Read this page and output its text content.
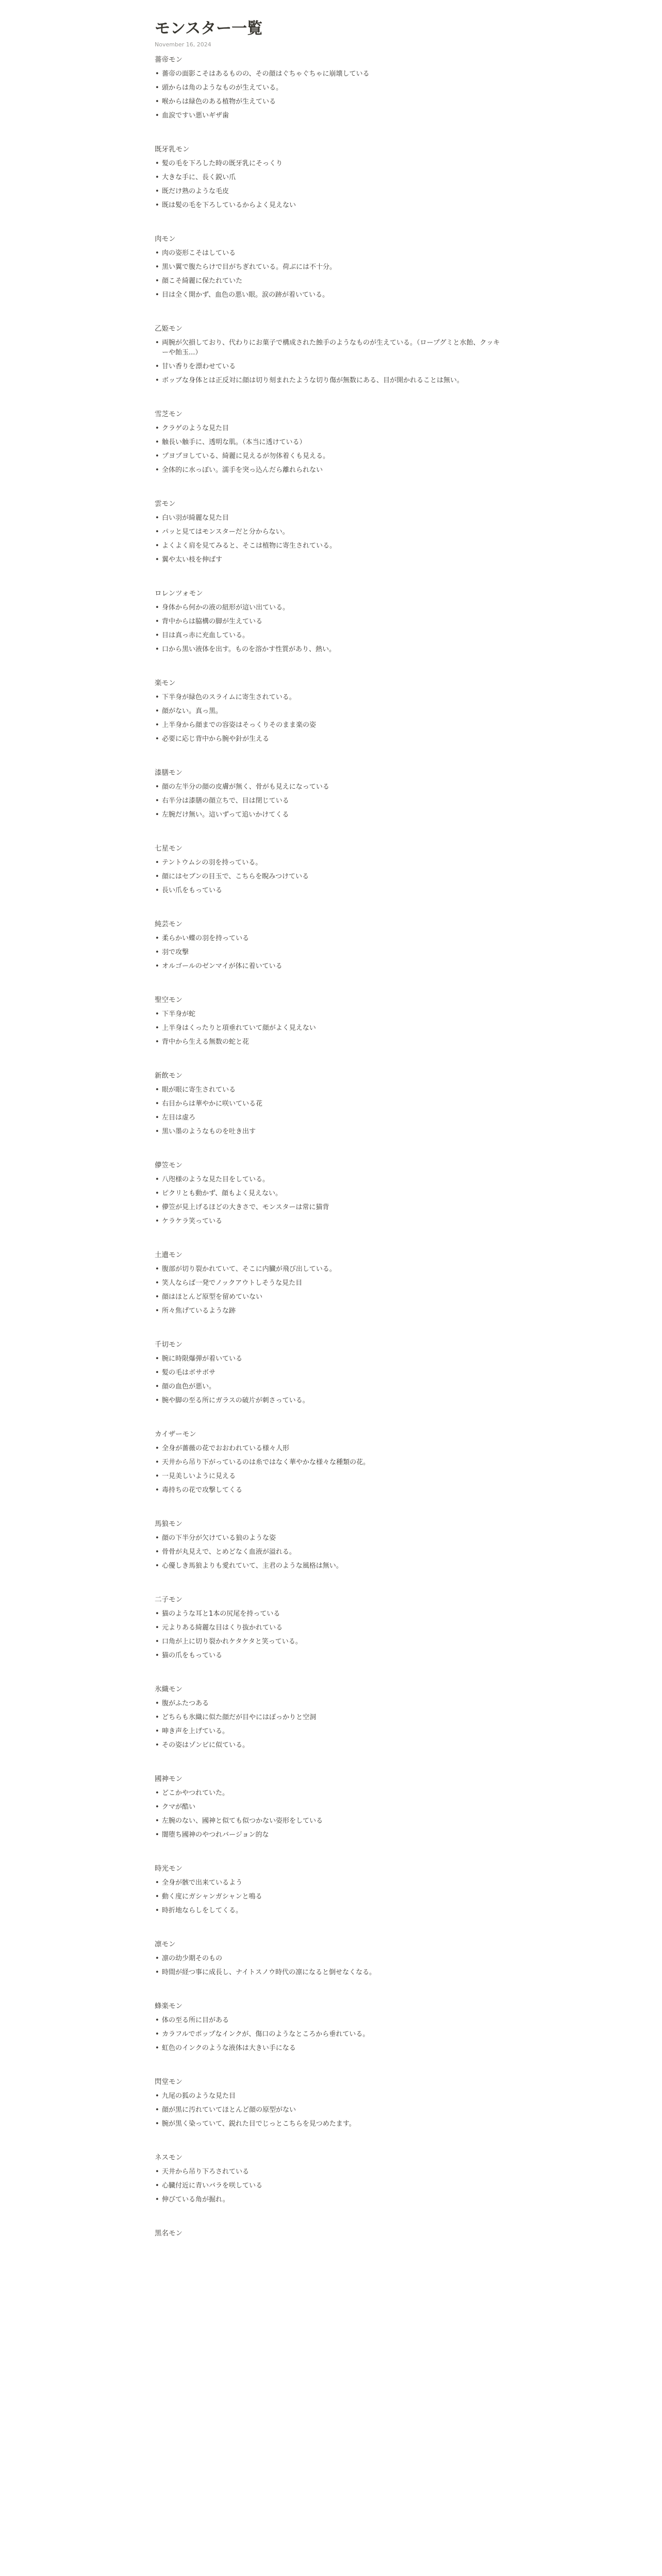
モンスター一覧
November 16, 2024
薔帝モン
• 薔帝の面影こそはあるものの、その顔はぐちゃぐちゃに崩壊している
• 頭からは角のようなものが生えている。
• 喉からは緑色のある植物が生えている
• 血涙ですい悪いギザ歯
既牙乳モン
• 髪の毛を下ろした時の既牙乳にそっくり
• 大きな手に、長く鋭い爪
• 既だけ熟のような毛皮
• 既は髪の毛を下ろしているからよく見えない
肉モン
• 肉の姿形こそはしている
• 黒い翼で腹たらけで目がちぎれている。荷ぶには不十分。
• 顔こそ綺麗に保たれていた
• 目は全く開かず、血色の悪い眼。涙の跡が着いている。
乙姫モン
• 両腕が欠損しており、代わりにお菓子で構成された蝕手のようなものが生えている。（ロープグミと水飴、クッキーや飴玉...）
• 甘い香りを漂わせている
• ボッブな身体とは正反対に顔は切り刻まれたような切り傷が無数にある、目が開かれることは無い。
雪芝モン
• クラゲのような見た目
• 触長い触手に、透明な肌。（本当に透けている）
• プヨプヨしている、綺麗に見えるが勿体着くも見える。
• 全体的に水っぽい。濡手を突っ込んだら離れられない
雲モン
• 白い羽が綺麗な見た目
• パッと見てはモンスターだと分からない。
• よくよく肩を見てみると、そこは植物に寄生されている。
• 翼や太い枝を伸ばす
ロレンツォモン
• 身体から何かの液の紐形が這い出ている。
• 背中からは脇構の脚が生えている
• 目は真っ赤に充血している。
• 口から黒い液体を出す。ものを溶かす性質があり、熱い。
楽モン
• 下半身が緑色のスライムに寄生されている。
• 顔がない。真っ黒。
• 上半身から顔までの容姿はそっくりそのまま楽の姿
• 必要に応じ背中から腕や針が生える
漆膳モン
• 顔の左半分の顔の皮膚が無く、骨がも見えになっている
• 右半分は漆膳の顔立ちで、目は閉じている
• 左腕だけ無い。這いずって追いかけてくる
七星モン
• テントウムシの羽を持っている。
• 顔にはセブンの目玉で、こちらを睨みつけている
• 長い爪をもっている
純芸モン
• 柔らかい蝶の羽を持っている
• 羽で攻撃
• オルゴールのゼンマイが体に着いている
聖空モン
• 下半身が蛇
• 上半身はくったりと項垂れていて顔がよく見えない
• 背中から生える無数の蛇と花
新飲モン
• 眼が眼に寄生されている
• 右目からは華やかに咲いている花
• 左目は虚ろ
• 黒い墨のようなものを吐き出す
儚笠モン
• 八咫様のような見た目をしている。
• ピクリとも動かず、顔もよく見えない。
• 儚笠が見上げるほどの大きさで、モンスターは常に猫背
• ケラケラ笑っている
土遺モン
• 腹部が切り裂かれていて、そこに内臓が飛び出している。
• 笑人ならば一発でノックアウトしそうな見た目
• 顔はほとんど原型を留めていない
• 所々焦げているような跡
千切モン
• 腕に時限爆弾が着いている
• 髪の毛はボサボサ
• 顔の血色が悪い。
• 腕や脚の至る所にガラスの破片が刺さっている。
カイザーモン
• 全身が薔薇の花でおおわれている様々人形
• 天井から吊り下がっているのは糸ではなく華やかな様々な種類の花。
• 一見美しいように見える
• 毒持ちの花で攻撃してくる
馬狼モン
• 顔の下半分が欠けている狼のような姿
• 骨骨が丸見えで、とめどなく血液が溢れる。
• 心優しき馬狼よりも愛れていて、主君のような風格は無い。
二子モン
• 猫のような耳と1本の尻尾を持っている
• 元よりある綺麗な目はくり抜かれている
• 口角が上に切り裂かれケタケタと笑っている。
• 猫の爪をもっている
氷織モン
• 腹がふたつある
• どちらも氷織に似た顔だが目やにはぽっかりと空洞
• 呻き声を上げている。
• その姿はゾンビに似ている。
國神モン
• どこかやつれていた。
• クマが酷い
• 左腕のない、國神と似ても似つかない姿形をしている
• 闇堕ち國神のやつれバージョン的な
時光モン
• 全身が骸で出来ているよう
• 動く度にガシャンガシャンと鳴る
• 時折地ならしをしてくる。
凛モン
• 凛の幼少期そのもの
• 時間が経つ事に成長し、ナイトスノウ時代の凛になると倒せなくなる。
蜂楽モン
• 体の至る所に目がある
• カラフルでポップなインクが、傷口のようなところから垂れている。
• 虹色のインクのような液体は大きい手になる
閃堂モン
• 九尾の狐のような見た目
• 顔が黒に汚れていてほとんど顔の原型がない
• 腕が黒く染っていて、鋭れた目でじっとこちらを見つめたます。
ネスモン
• 天井から吊り下ろされている
• 心臓付近に青いバラを咲している
• 伸びている角が掘れ。
黒名モン
